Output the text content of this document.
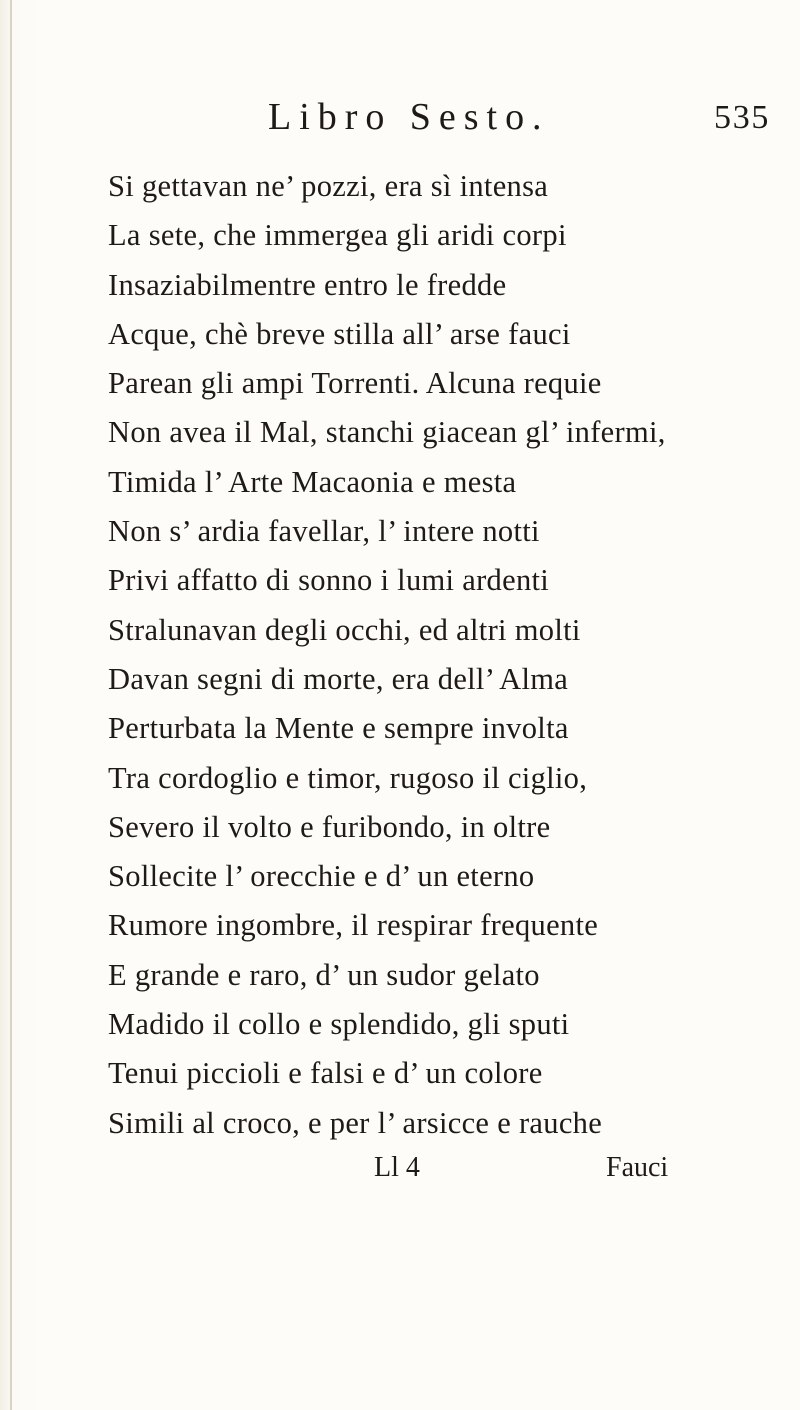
Libro Sesto.	535
Si gettavan ne’ pozzi, era sì intensa
La sete, che immergea gli aridi corpi
Insaziabilmentre entro le fredde
Acque, chè breve stilla all’ arse fauci
Parean gli ampi Torrenti. Alcuna requie
Non avea il Mal, stanchi giacean gl’ infermi,
Timida l’ Arte Macaonia e mesta
Non s’ ardia favellar, l’ intere notti
Privi affatto di sonno i lumi ardenti
Stralunavan degli occhi, ed altri molti
Davan segni di morte, era dell’ Alma
Perturbata la Mente e sempre involta
Tra cordoglio e timor, rugoso il ciglio,
Severo il volto e furibondo, in oltre
Sollecite l’ orecchie e d’ un eterno
Rumore ingombre, il respirar frequente
E grande e raro, d’ un sudor gelato
Madido il collo e splendido, gli sputi
Tenui piccioli e falsi e d’ un colore
Simili al croco, e per l’ arsicce e rauche
Ll 4	Fauci
